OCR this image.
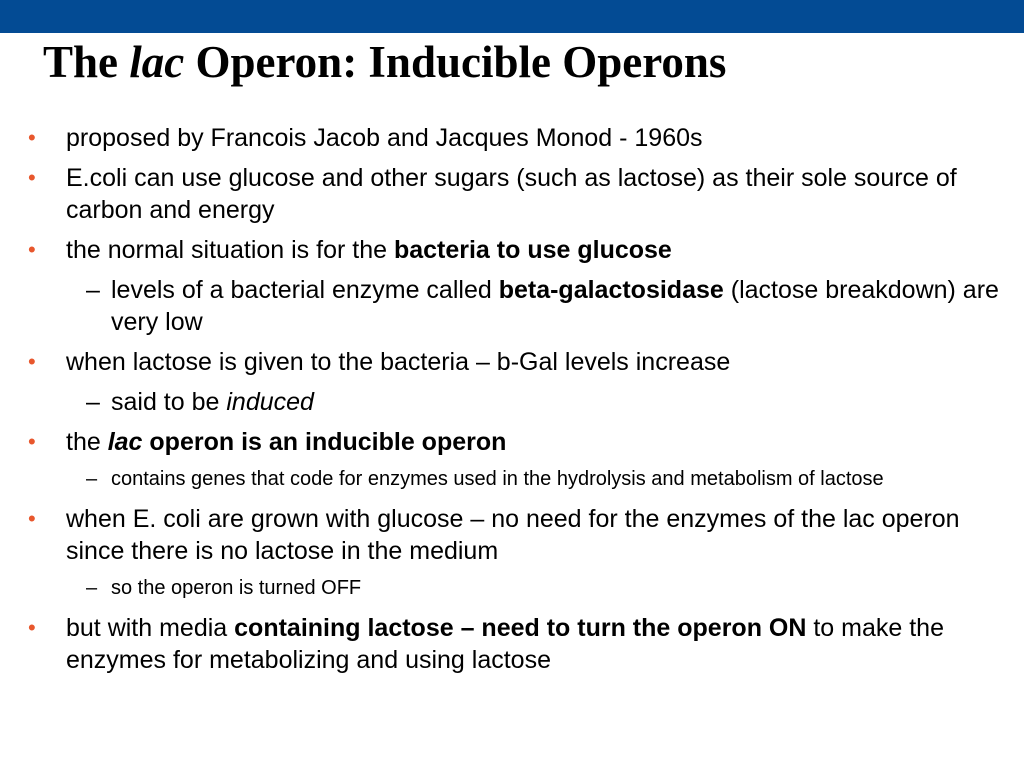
The lac Operon: Inducible Operons
• proposed by Francois Jacob and Jacques Monod - 1960s
• E.coli can use glucose and other sugars (such as lactose) as their sole source of carbon and energy
• the normal situation is for the bacteria to use glucose
– levels of a bacterial enzyme called beta-galactosidase (lactose breakdown) are very low
• when lactose is given to the bacteria – b-Gal levels increase
– said to be induced
• the lac operon is an inducible operon
– contains genes that code for enzymes used in the hydrolysis and metabolism of lactose
• when E. coli are grown with glucose – no need for the enzymes of the lac operon since there is no lactose in the medium
– so the operon is turned OFF
• but with media containing lactose – need to turn the operon ON to make the enzymes for metabolizing and using lactose
